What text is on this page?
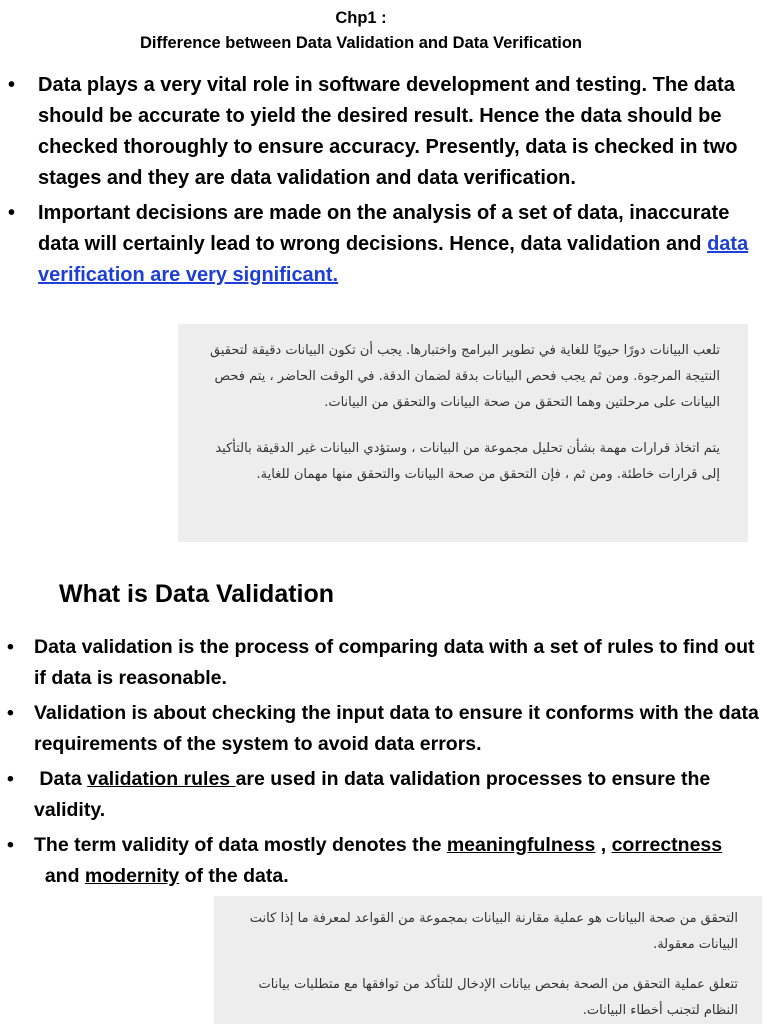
Chp1 :
Difference between Data Validation and Data Verification
• Data plays a very vital role in software development and testing. The data should be accurate to yield the desired result. Hence the data should be checked thoroughly to ensure accuracy. Presently, data is checked in two stages and they are data validation and data verification.
• Important decisions are made on the analysis of a set of data, inaccurate data will certainly lead to wrong decisions. Hence, data validation and data verification are very significant.

تلعب البيانات دورًا حيويًا للغاية في تطوير البرامج واختبارها. يجب أن تكون البيانات دقيقة لتحقيق النتيجة المرجوة. ومن ثم يجب فحص البيانات بدقة لضمان الدقة. في الوقت الحاضر ، يتم فحص البيانات على مرحلتين وهما التحقق من صحة البيانات والتحقق من البيانات.

يتم اتخاذ قرارات مهمة بشأن تحليل مجموعة من البيانات ، وستؤدي البيانات غير الدقيقة بالتأكيد إلى قرارات خاطئة. ومن ثم ، فإن التحقق من صحة البيانات والتحقق منها مهمان للغاية.

What is Data Validation
• Data validation is the process of comparing data with a set of rules to find out if data is reasonable.
• Validation is about checking the input data to ensure it conforms with the data requirements of the system to avoid data errors.
• Data validation rules are used in data validation processes to ensure the validity.
• The term validity of data mostly denotes the meaningfulness , correctness  and modernity of the data.

التحقق من صحة البيانات هو عملية مقارنة البيانات بمجموعة من القواعد لمعرفة ما إذا كانت البيانات معقولة.

تتعلق عملية التحقق من الصحة بفحص بيانات الإدخال للتأكد من توافقها مع متطلبات بيانات النظام لتجنب أخطاء البيانات.
